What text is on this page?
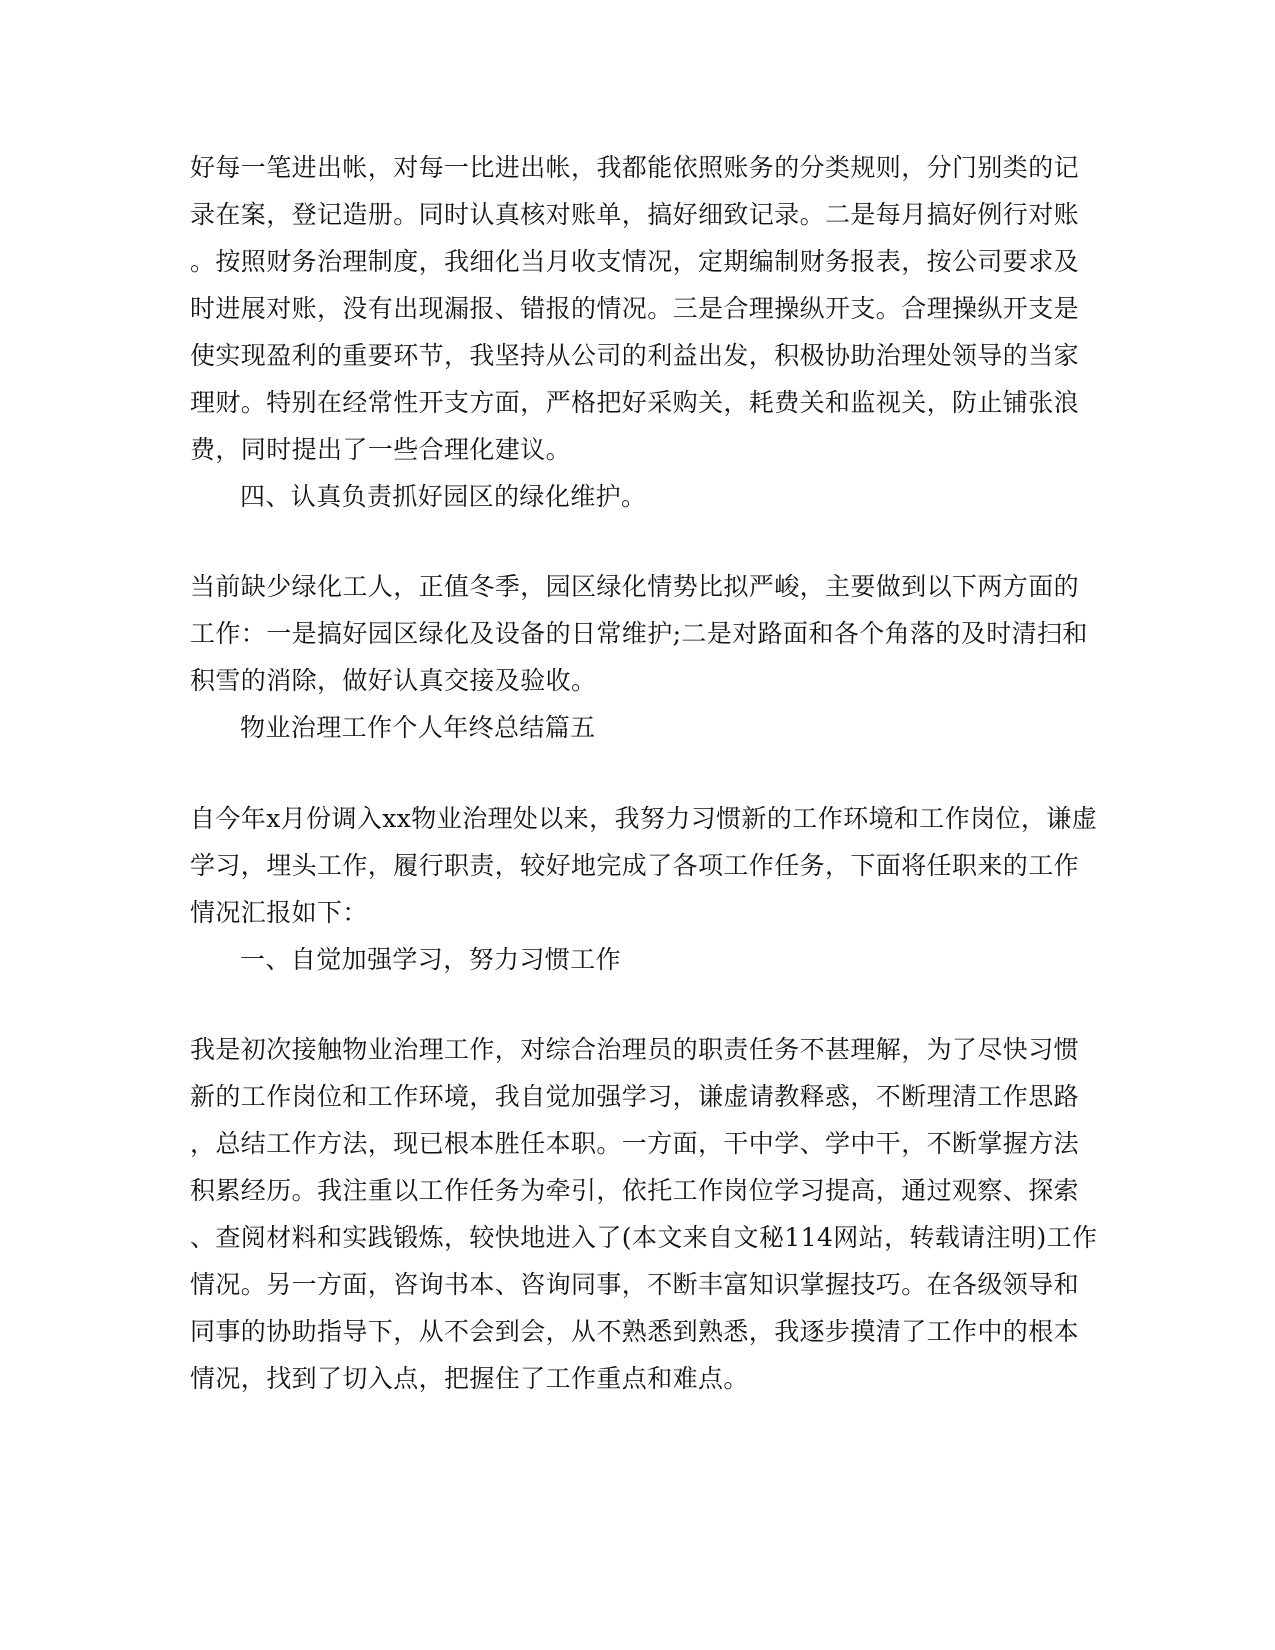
好每一笔进出帐，对每一比进出帐，我都能依照账务的分类规则，分门别类的记
录在案，登记造册。同时认真核对账单，搞好细致记录。二是每月搞好例行对账
。按照财务治理制度，我细化当月收支情况，定期编制财务报表，按公司要求及
时进展对账，没有出现漏报、错报的情况。三是合理操纵开支。合理操纵开支是
使实现盈利的重要环节，我坚持从公司的利益出发，积极协助治理处领导的当家
理财。特别在经常性开支方面，严格把好采购关，耗费关和监视关，防止铺张浪
费，同时提出了一些合理化建议。
四、认真负责抓好园区的绿化维护。
当前缺少绿化工人，正值冬季，园区绿化情势比拟严峻，主要做到以下两方面的
工作：一是搞好园区绿化及设备的日常维护;二是对路面和各个角落的及时清扫和
积雪的消除，做好认真交接及验收。
物业治理工作个人年终总结篇五
自今年x月份调入xx物业治理处以来，我努力习惯新的工作环境和工作岗位，谦虚
学习，埋头工作，履行职责，较好地完成了各项工作任务，下面将任职来的工作
情况汇报如下：
一、自觉加强学习，努力习惯工作
我是初次接触物业治理工作，对综合治理员的职责任务不甚理解，为了尽快习惯
新的工作岗位和工作环境，我自觉加强学习，谦虚请教释惑，不断理清工作思路
，总结工作方法，现已根本胜任本职。一方面，干中学、学中干，不断掌握方法
积累经历。我注重以工作任务为牵引，依托工作岗位学习提高，通过观察、探索
、查阅材料和实践锻炼，较快地进入了(本文来自文秘114网站，转载请注明)工作
情况。另一方面，咨询书本、咨询同事，不断丰富知识掌握技巧。在各级领导和
同事的协助指导下，从不会到会，从不熟悉到熟悉，我逐步摸清了工作中的根本
情况，找到了切入点，把握住了工作重点和难点。
